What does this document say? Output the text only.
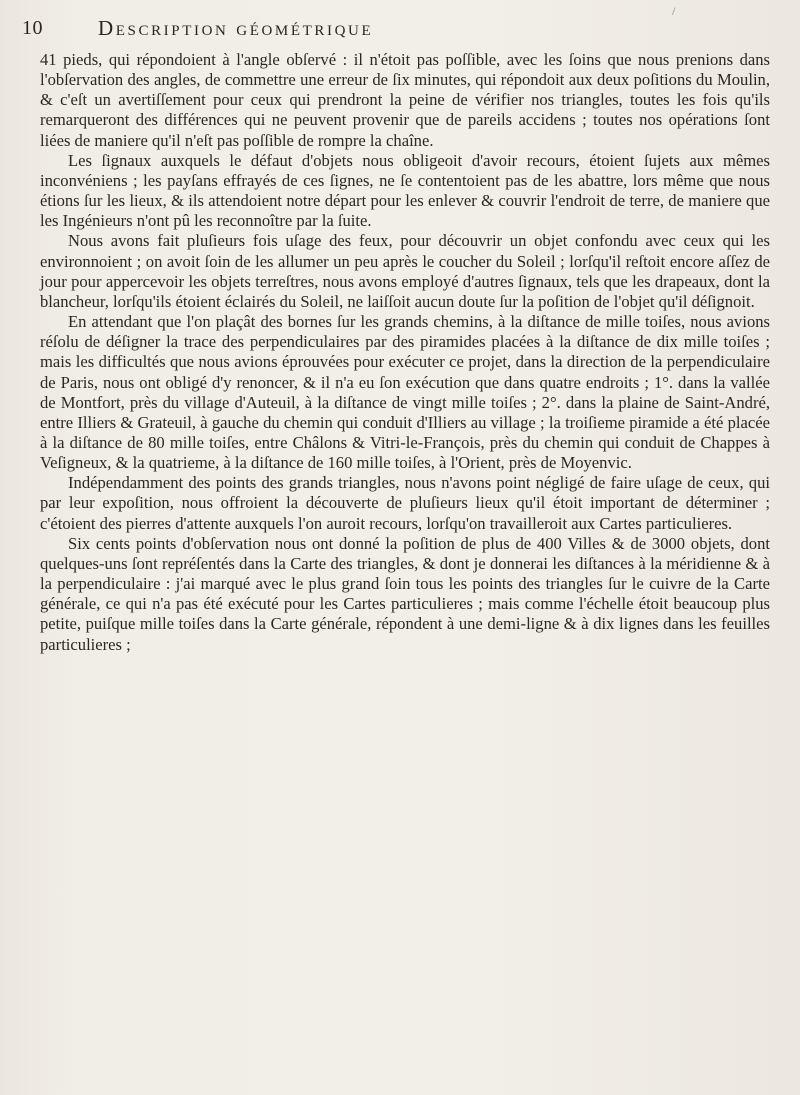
/
10	Description géométrique

41 pieds, qui répondoient à l'angle obſervé : il n'étoit pas poſſible, avec les ſoins que nous prenions dans l'obſervation des angles, de commettre une erreur de ſix minutes, qui répondoit aux deux poſitions du Moulin, & c'eſt un avertiſſement pour ceux qui prendront la peine de vérifier nos triangles, toutes les fois qu'ils remarqueront des différences qui ne peuvent provenir que de pareils accidens ; toutes nos opérations ſont liées de maniere qu'il n'eſt pas poſſible de rompre la chaîne.

Les ſignaux auxquels le défaut d'objets nous obligeoit d'avoir recours, étoient ſujets aux mêmes inconvéniens ; les payſans effrayés de ces ſignes, ne ſe contentoient pas de les abattre, lors même que nous étions ſur les lieux, & ils attendoient notre départ pour les enlever & couvrir l'endroit de terre, de maniere que les Ingénieurs n'ont pû les reconnoître par la ſuite.

Nous avons fait pluſieurs fois uſage des feux, pour découvrir un objet confondu avec ceux qui les environnoient ; on avoit ſoin de les allumer un peu après le coucher du Soleil ; lorſqu'il reſtoit encore aſſez de jour pour appercevoir les objets terreſtres, nous avons employé d'autres ſignaux, tels que les drapeaux, dont la blancheur, lorſqu'ils étoient éclairés du Soleil, ne laiſſoit aucun doute ſur la poſition de l'objet qu'il déſignoit.

En attendant que l'on plaçât des bornes ſur les grands chemins, à la diſtance de mille toiſes, nous avions réſolu de déſigner la trace des perpendiculaires par des piramides placées à la diſtance de dix mille toiſes ; mais les difficultés que nous avions éprouvées pour exécuter ce projet, dans la direction de la perpendiculaire de Paris, nous ont obligé d'y renoncer, & il n'a eu ſon exécution que dans quatre endroits ; 1°. dans la vallée de Montfort, près du village d'Auteuil, à la diſtance de vingt mille toiſes ; 2°. dans la plaine de Saint-André, entre Illiers & Grateuil, à gauche du chemin qui conduit d'Illiers au village ; la troiſieme piramide a été placée à la diſtance de 80 mille toiſes, entre Châlons & Vitri-le-François, près du chemin qui conduit de Chappes à Veſigneux, & la quatrieme, à la diſtance de 160 mille toiſes, à l'Orient, près de Moyenvic.

Indépendamment des points des grands triangles, nous n'avons point négligé de faire uſage de ceux, qui par leur expoſition, nous offroient la découverte de pluſieurs lieux qu'il étoit important de déterminer ; c'étoient des pierres d'attente auxquels l'on auroit recours, lorſqu'on travailleroit aux Cartes particulieres.

Six cents points d'obſervation nous ont donné la poſition de plus de 400 Villes & de 3000 objets, dont quelques-uns ſont repréſentés dans la Carte des triangles, & dont je donnerai les diſtances à la méridienne & à la perpendiculaire : j'ai marqué avec le plus grand ſoin tous les points des triangles ſur le cuivre de la Carte générale, ce qui n'a pas été exécuté pour les Cartes particulieres ; mais comme l'échelle étoit beaucoup plus petite, puiſque mille toiſes dans la Carte générale, répondent à une demi-ligne & à dix lignes dans les feuilles particulieres ;
